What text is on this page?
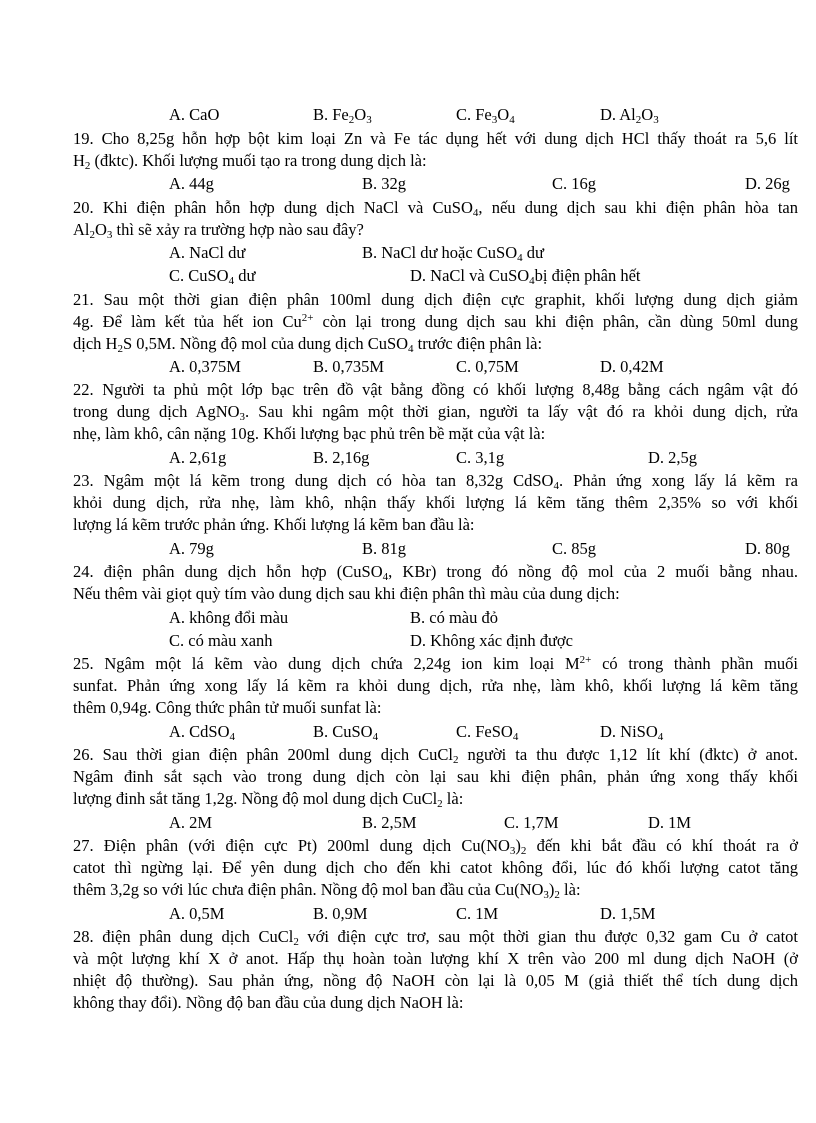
A. CaO	B. $Fe_2O_3$	C. $Fe_3O_4$	D. $Al_2O_3$
19. Cho 8,25g hỗn hợp bột kim loại Zn và Fe tác dụng hết với dung dịch HCl thấy thoát ra 5,6 lít
$H_2$ (đktc). Khối lượng muối tạo ra trong dung dịch là:
A. 44g	B. 32g	C. 16g	D. 26g
20. Khi điện phân hỗn hợp dung dịch NaCl và CuSO$_4$, nếu dung dịch sau khi điện phân hòa tan
$Al_2O_3$ thì sẽ xảy ra trường hợp nào sau đây?
A. NaCl dư	B. NaCl dư hoặc CuSO$_4$ dư
C. CuSO$_4$ dư	D. NaCl và CuSO$_4$bị điện phân hết
21. Sau một thời gian điện phân 100ml dung dịch điện cực graphit, khối lượng dung dịch giảm
4g. Để làm kết tủa hết ion $Cu^{2+}$ còn lại trong dung dịch sau khi điện phân, cần dùng 50ml dung
dịch $H_2S$ 0,5M. Nồng độ mol của dung dịch CuSO$_4$ trước điện phân là:
A. 0,375M	B. 0,735M	C. 0,75M	D. 0,42M
22. Người ta phủ một lớp bạc trên đồ vật bằng đồng có khối lượng 8,48g bằng cách ngâm vật đó
trong dung dịch AgNO$_3$. Sau khi ngâm một thời gian, người ta lấy vật đó ra khỏi dung dịch, rửa
nhẹ, làm khô, cân nặng 10g. Khối lượng bạc phủ trên bề mặt của vật là:
A. 2,61g	B. 2,16g	C. 3,1g	D. 2,5g
23. Ngâm một lá kẽm trong dung dịch có hòa tan 8,32g CdSO$_4$. Phản ứng xong lấy lá kẽm ra
khỏi dung dịch, rửa nhẹ, làm khô, nhận thấy khối lượng lá kẽm tăng thêm 2,35% so với khối
lượng lá kẽm trước phản ứng. Khối lượng lá kẽm ban đầu là:
A. 79g	B. 81g	C. 85g	D. 80g
24. điện phân dung dịch hỗn hợp (CuSO$_4$, KBr) trong đó nồng độ mol của 2 muối bằng nhau.
Nếu thêm vài giọt quỳ tím vào dung dịch sau khi điện phân thì màu của dung dịch:
A. không đổi màu	B. có màu đỏ
C. có màu xanh	D. Không xác định được
25. Ngâm một lá kẽm vào dung dịch chứa 2,24g ion kim loại $M^{2+}$ có trong thành phần muối
sunfat. Phản ứng xong lấy lá kẽm ra khỏi dung dịch, rửa nhẹ, làm khô, khối lượng lá kẽm tăng
thêm 0,94g. Công thức phân tử muối sunfat là:
A. CdSO$_4$	B. CuSO$_4$	C. FeSO$_4$	D. NiSO$_4$
26. Sau thời gian điện phân 200ml dung dịch CuCl$_2$ người ta thu được 1,12 lít khí (đktc) ở anot.
Ngâm đinh sắt sạch vào trong dung dịch còn lại sau khi điện phân, phản ứng xong thấy khối
lượng đinh sắt tăng 1,2g. Nồng độ mol dung dịch CuCl$_2$ là:
A. 2M	B. 2,5M	C. 1,7M	D. 1M
27. Điện phân (với điện cực Pt) 200ml dung dịch $Cu(NO_3)_2$ đến khi bắt đầu có khí thoát ra ở
catot thì ngừng lại. Để yên dung dịch cho đến khi catot không đổi, lúc đó khối lượng catot tăng
thêm 3,2g so với lúc chưa điện phân. Nồng độ mol ban đầu của $Cu(NO_3)_2$ là:
A. 0,5M	B. 0,9M	C. 1M	D. 1,5M
28. điện phân dung dịch CuCl$_2$ với điện cực trơ, sau một thời gian thu được 0,32 gam Cu ở catot
và một lượng khí X ở anot. Hấp thụ hoàn toàn lượng khí X trên vào 200 ml dung dịch NaOH (ở
nhiệt độ thường). Sau phản ứng, nồng độ NaOH còn lại là 0,05 M (giả thiết thể tích dung dịch
không thay đổi). Nồng độ ban đầu của dung dịch NaOH là:
